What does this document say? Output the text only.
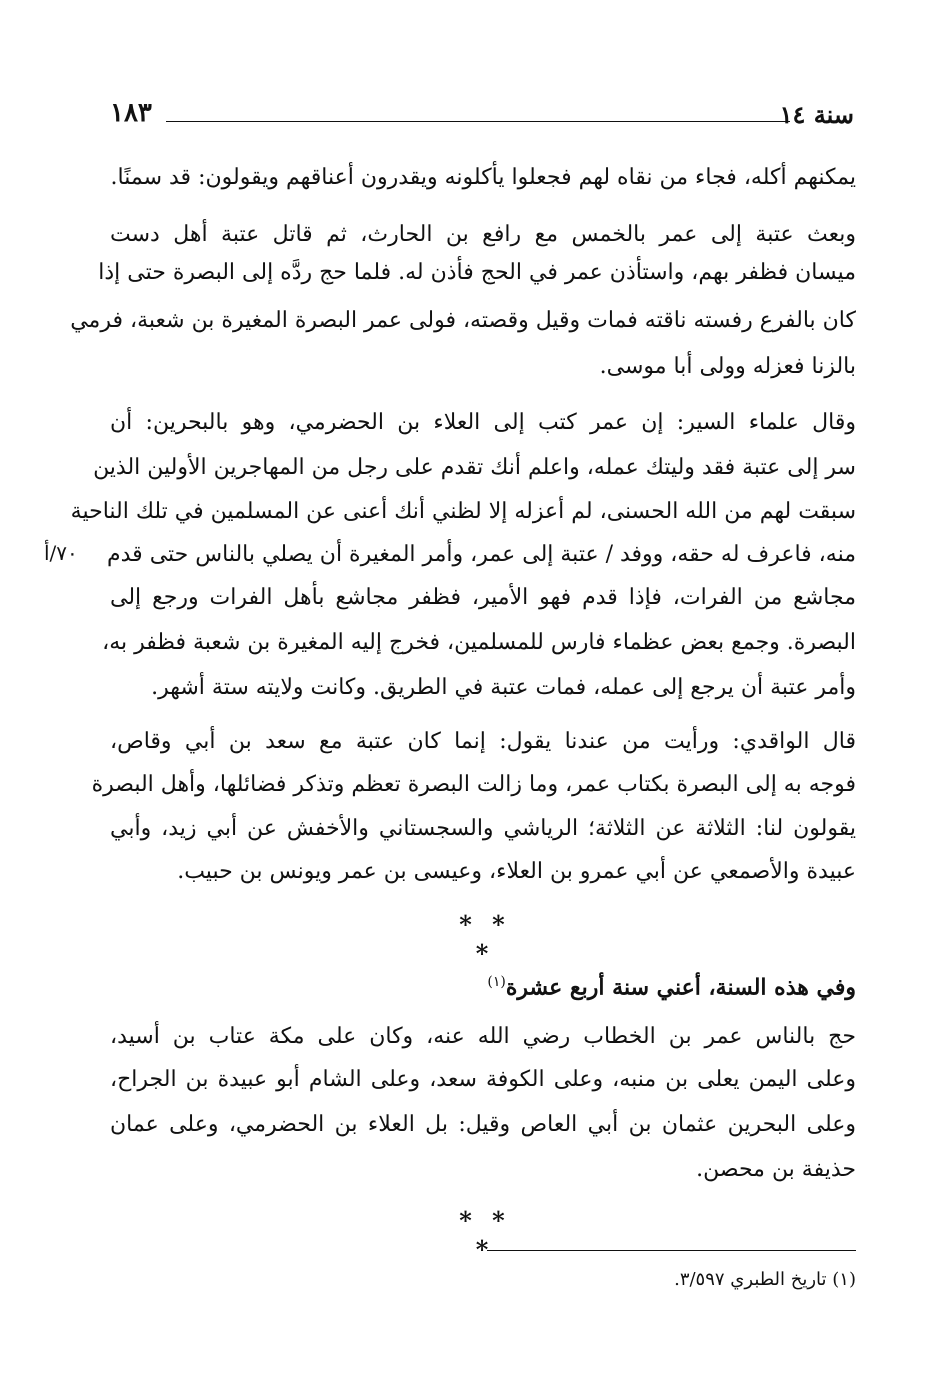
سنة ١٤
١٨٣
يمكنهم أكله، فجاء من نقاه لهم فجعلوا يأكلونه ويقدرون أعناقهم ويقولون: قد سمنًا.
وبعث عتبة إلى عمر بالخمس مع رافع بن الحارث، ثم قاتل عتبة أهل دست
ميسان فظفر بهم، واستأذن عمر في الحج فأذن له. فلما حج ردَّه إلى البصرة حتى إذا
كان بالفرع رفسته ناقته فمات وقيل وقصته، فولى عمر البصرة المغيرة بن شعبة، فرمي
بالزنا فعزله وولى أبا موسى.
وقال علماء السير: إن عمر كتب إلى العلاء بن الحضرمي، وهو بالبحرين: أن
سر إلى عتبة فقد وليتك عمله، واعلم أنك تقدم على رجل من المهاجرين الأولين الذين
سبقت لهم من الله الحسنى، لم أعزله إلا لظني أنك أعنى عن المسلمين في تلك الناحية
منه، فاعرف له حقه، ووفد / عتبة إلى عمر، وأمر المغيرة أن يصلي بالناس حتى قدم
مجاشع من الفرات، فإذا قدم فهو الأمير، فظفر مجاشع بأهل الفرات ورجع إلى
البصرة. وجمع بعض عظماء فارس للمسلمين، فخرج إليه المغيرة بن شعبة فظفر به،
وأمر عتبة أن يرجع إلى عمله، فمات عتبة في الطريق. وكانت ولايته ستة أشهر.
٧٠/أ
قال الواقدي: ورأيت من عندنا يقول: إنما كان عتبة مع سعد بن أبي وقاص،
فوجه به إلى البصرة بكتاب عمر، وما زالت البصرة تعظم وتذكر فضائلها، وأهل البصرة
يقولون لنا: الثلاثة عن الثلاثة؛ الرياشي والسجستاني والأخفش عن أبي زيد، وأبي
عبيدة والأصمعي عن أبي عمرو بن العلاء، وعيسى بن عمر ويونس بن حبيب.
* * *
وفي هذه السنة، أعني سنة أربع عشرة$^{(١)}$
حج بالناس عمر بن الخطاب رضي الله عنه، وكان على مكة عتاب بن أسيد،
وعلى اليمن يعلى بن منبه، وعلى الكوفة سعد، وعلى الشام أبو عبيدة بن الجراح،
وعلى البحرين عثمان بن أبي العاص وقيل: بل العلاء بن الحضرمي، وعلى عمان
حذيفة بن محصن.
* * *
(١) تاريخ الطبري ٣/٥٩٧.
